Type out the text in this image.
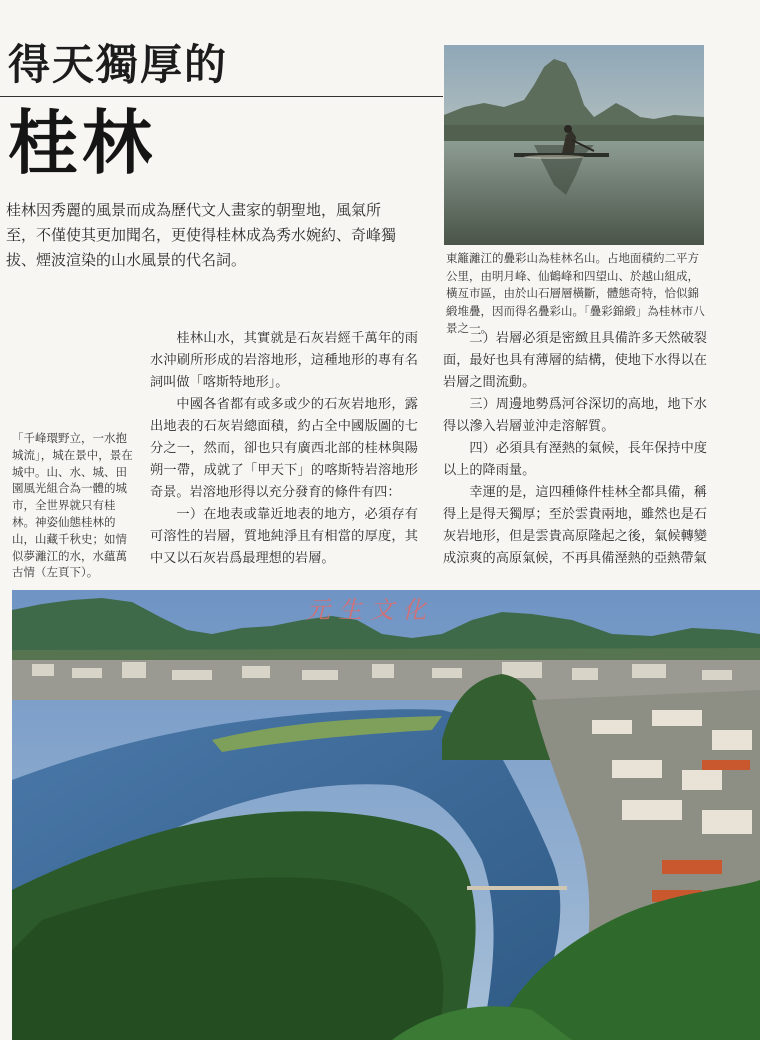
得天獨厚的
桂林
桂林因秀麗的風景而成為歷代文人畫家的朝聖地，風氣所至，不僅使其更加聞名，更使得桂林成為秀水婉約、奇峰獨拔、煙波渲染的山水風景的代名詞。	東籬灕江的疊彩山為桂林名山。占地面積約二平方公里，由明月峰、仙鶴峰和四望山、於越山組成，橫亙市區，由於山石層層橫斷，體態奇特，恰似錦緞堆疊，因而得名疊彩山。「疊彩錦緞」為桂林市八景之一。
「千峰環野立，一水抱城流」，城在景中，景在城中。山、水、城、田園風光組合為一體的城市，全世界就只有桂林。神姿仙態桂林的山，山藏千秋史；如情似夢灕江的水，水蘊萬古情（左頁下）。

桂林山水，其實就是石灰岩經千萬年的雨水沖刷所形成的岩溶地形，這種地形的專有名詞叫做「喀斯特地形」。

中國各省都有或多或少的石灰岩地形，露出地表的石灰岩總面積，約占全中國版圖的七分之一，然而，卻也只有廣西北部的桂林與陽朔一帶，成就了「甲天下」的喀斯特岩溶地形奇景。岩溶地形得以充分發育的條件有四：

一）在地表或靠近地表的地方，必須存有可溶性的岩層，質地純淨且有相當的厚度，其中又以石灰岩爲最理想的岩層。

二）岩層必須是密緻且具備許多天然破裂面，最好也具有薄層的結構，使地下水得以在岩層之間流動。

三）周邊地勢爲河谷深切的高地，地下水得以滲入岩層並沖走溶解質。

四）必須具有溼熱的氣候，長年保持中度以上的降雨量。

幸運的是，這四種條件桂林全都具備，稱得上是得天獨厚；至於雲貴兩地，雖然也是石灰岩地形，但是雲貴高原隆起之後，氣候轉變成涼爽的高原氣候，不再具備溼熱的亞熱帶氣

元生文化
